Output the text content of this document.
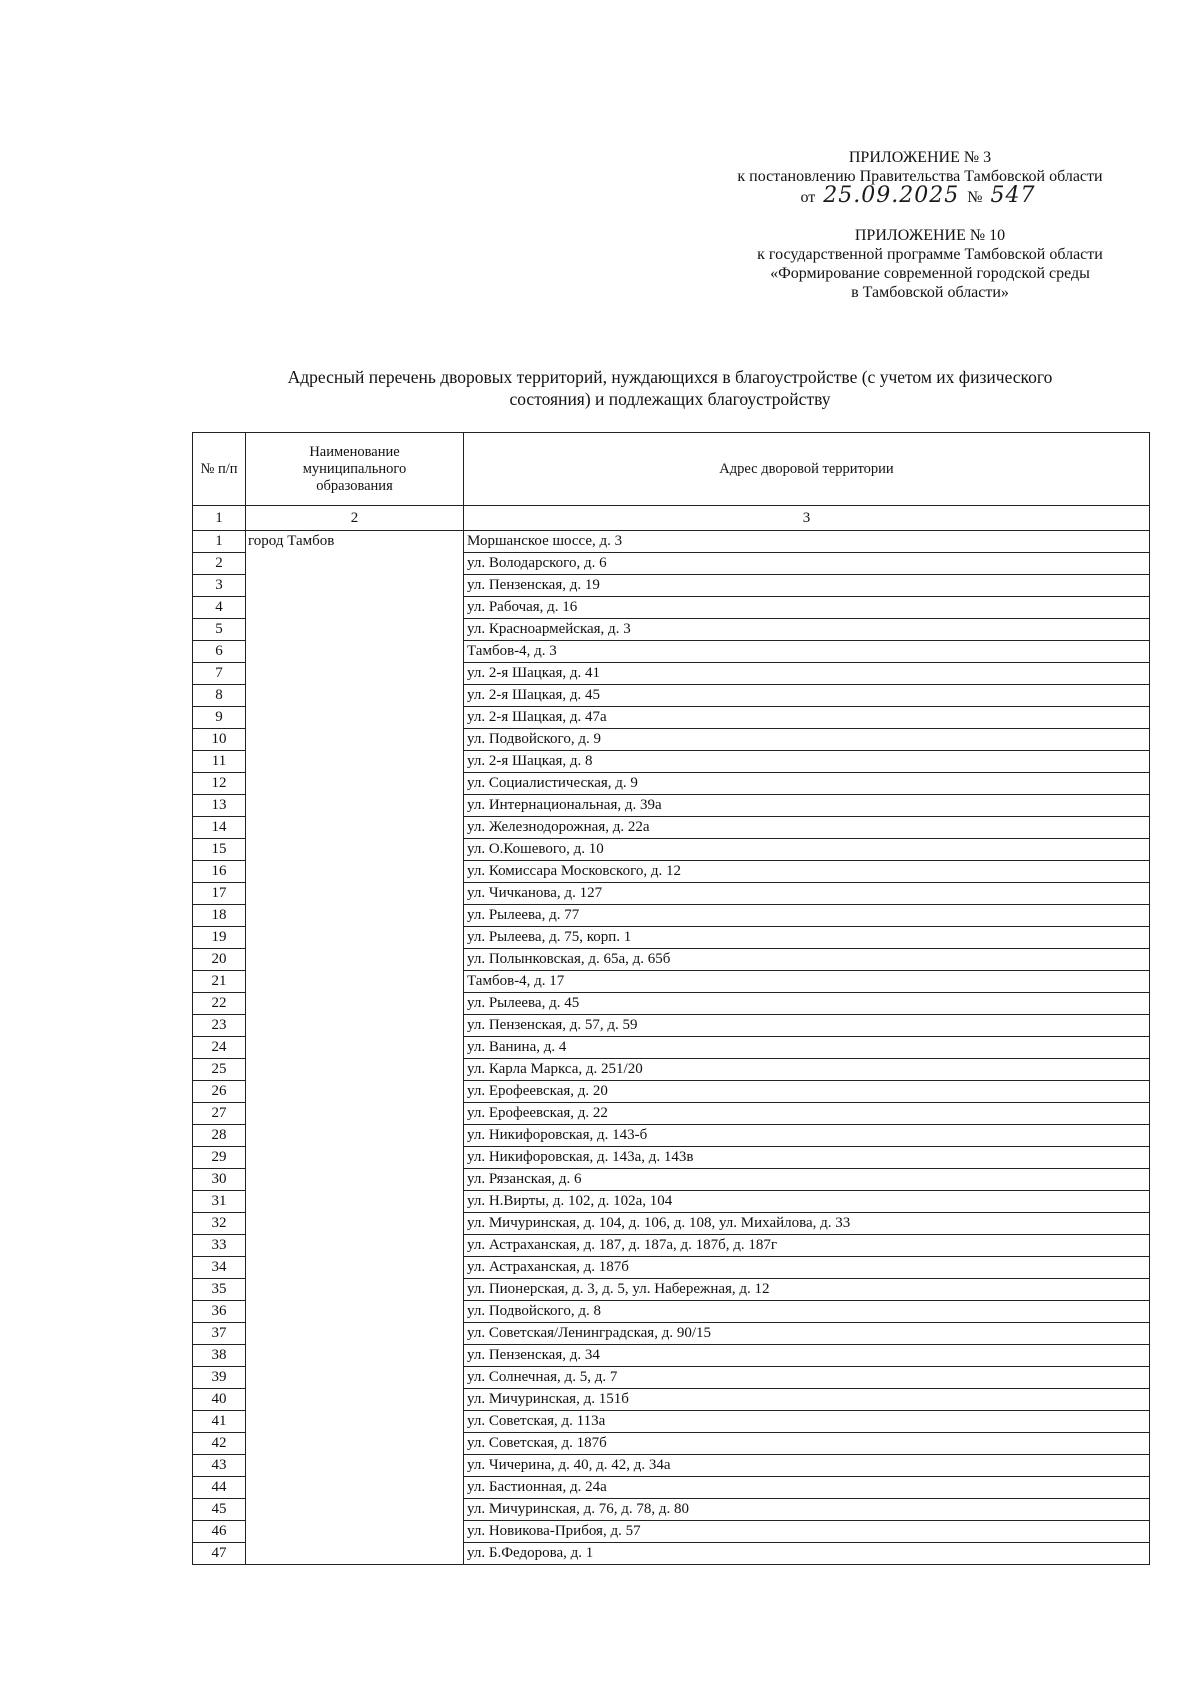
ПРИЛОЖЕНИЕ № 3
к постановлению Правительства Тамбовской области
от 25.09.2025 № 547
ПРИЛОЖЕНИЕ № 10
к государственной программе Тамбовской области
«Формирование современной городской среды
в Тамбовской области»
Адресный перечень дворовых территорий, нуждающихся в благоустройстве (с учетом их физического
состояния) и подлежащих благоустройству
№ п/п	Наименование
муниципального
образования	Адрес дворовой территории
1	2	3
1	город Тамбов	Моршанское шоссе, д. 3
2		ул. Володарского, д. 6
3		ул. Пензенская, д. 19
4		ул. Рабочая, д. 16
5		ул. Красноармейская, д. 3
6		Тамбов-4, д. 3
7		ул. 2-я Шацкая, д. 41
8		ул. 2-я Шацкая, д. 45
9		ул. 2-я Шацкая, д. 47а
10		ул. Подвойского, д. 9
11		ул. 2-я Шацкая, д. 8
12		ул. Социалистическая, д. 9
13		ул. Интернациональная, д. 39а
14		ул. Железнодорожная, д. 22а
15		ул. О.Кошевого, д. 10
16		ул. Комиссара Московского, д. 12
17		ул. Чичканова, д. 127
18		ул. Рылеева, д. 77
19		ул. Рылеева, д. 75, корп. 1
20		ул. Полынковская, д. 65а, д. 65б
21		Тамбов-4, д. 17
22		ул. Рылеева, д. 45
23		ул. Пензенская, д. 57, д. 59
24		ул. Ванина, д. 4
25		ул. Карла Маркса, д. 251/20
26		ул. Ерофеевская, д. 20
27		ул. Ерофеевская, д. 22
28		ул. Никифоровская, д. 143-б
29		ул. Никифоровская, д. 143а, д. 143в
30		ул. Рязанская, д. 6
31		ул. Н.Вирты, д. 102, д. 102а, 104
32		ул. Мичуринская, д. 104, д. 106, д. 108, ул. Михайлова, д. 33
33		ул. Астраханская, д. 187, д. 187а, д. 187б, д. 187г
34		ул. Астраханская, д. 187б
35		ул. Пионерская, д. 3, д. 5, ул. Набережная, д. 12
36		ул. Подвойского, д. 8
37		ул. Советская/Ленинградская, д. 90/15
38		ул. Пензенская, д. 34
39		ул. Солнечная, д. 5, д. 7
40		ул. Мичуринская, д. 151б
41		ул. Советская, д. 113а
42		ул. Советская, д. 187б
43		ул. Чичерина, д. 40, д. 42, д. 34а
44		ул. Бастионная, д. 24а
45		ул. Мичуринская, д. 76, д. 78, д. 80
46		ул. Новикова-Прибоя, д. 57
47		ул. Б.Федорова, д. 1
